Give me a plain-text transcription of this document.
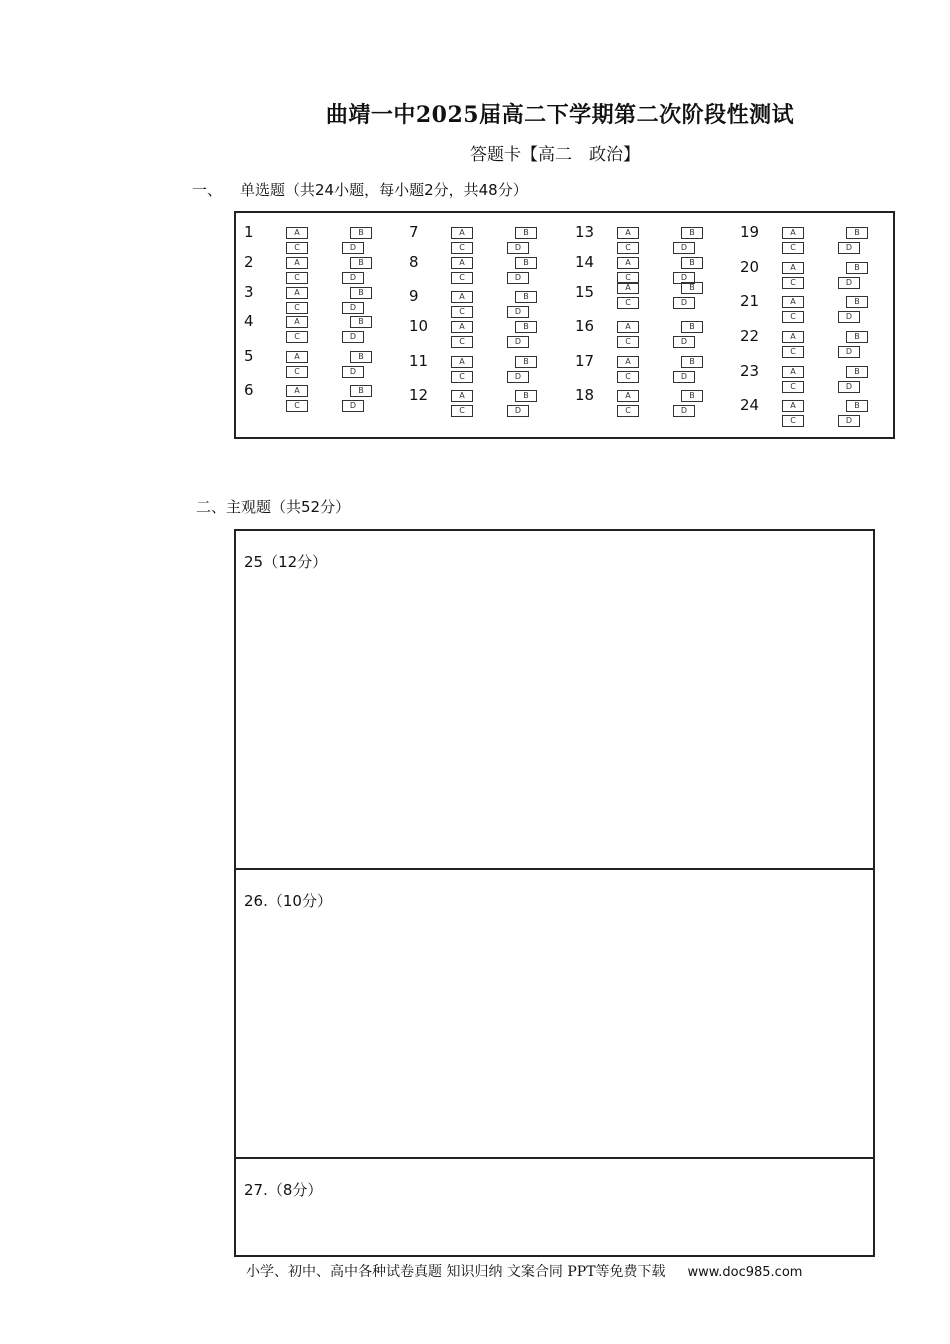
曲靖一中2025届高二下学期第二次阶段性测试
答题卡【高二　政治】
一、 单选题（共24小题，每小题2分，共48分）
1	A	B
C	D
2	A	B
C	D
3	A	B
C	D
4	A	B
C	D
5	A	B
C	D
6	A	B
C	D
7	A	B
C	D
8	A	B
C	D
9	A	B
C	D
10	A	B
C	D
11	A	B
C	D
12	A	B
C	D
13	A	B
C	D
14	A	B
C	D
15	A	B
C	D
16	A	B
C	D
17	A	B
C	D
18	A	B
C	D
19	A	B
C	D
20	A	B
C	D
21	A	B
C	D
22	A	B
C	D
23	A	B
C	D
24	A	B
C	D
二、主观题（共52分）
25（12分）
26.（10分）
27.（8分）
小学、初中、高中各种试卷真题 知识归纳 文案合同 PPT等免费下载 www.doc985.com
